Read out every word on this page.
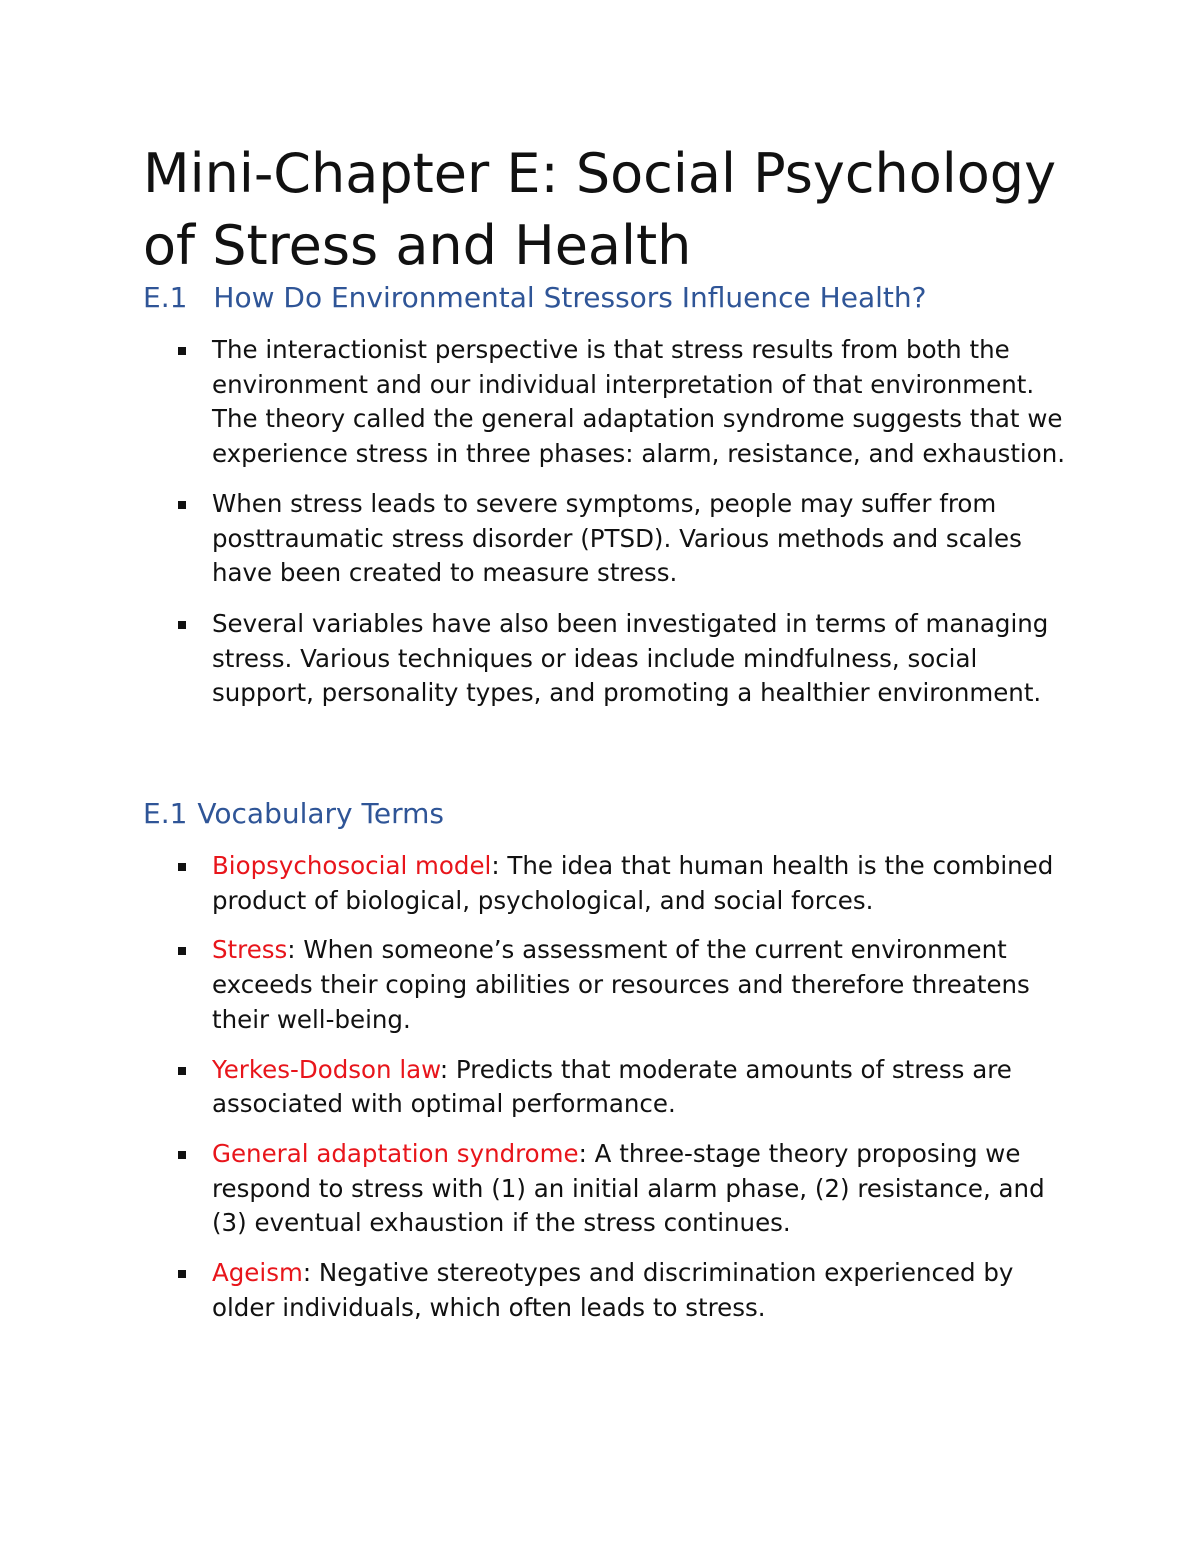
Mini-Chapter E: Social Psychology of Stress and Health
E.1 How Do Environmental Stressors Influence Health?
The interactionist perspective is that stress results from both the environment and our individual interpretation of that environment. The theory called the general adaptation syndrome suggests that we experience stress in three phases: alarm, resistance, and exhaustion.
When stress leads to severe symptoms, people may suffer from posttraumatic stress disorder (PTSD). Various methods and scales have been created to measure stress.
Several variables have also been investigated in terms of managing stress. Various techniques or ideas include mindfulness, social support, personality types, and promoting a healthier environment.
E.1 Vocabulary Terms
Biopsychosocial model: The idea that human health is the combined product of biological, psychological, and social forces.
Stress: When someone’s assessment of the current environment exceeds their coping abilities or resources and therefore threatens their well-being.
Yerkes-Dodson law: Predicts that moderate amounts of stress are associated with optimal performance.
General adaptation syndrome: A three-stage theory proposing we respond to stress with (1) an initial alarm phase, (2) resistance, and (3) eventual exhaustion if the stress continues.
Ageism: Negative stereotypes and discrimination experienced by older individuals, which often leads to stress.
